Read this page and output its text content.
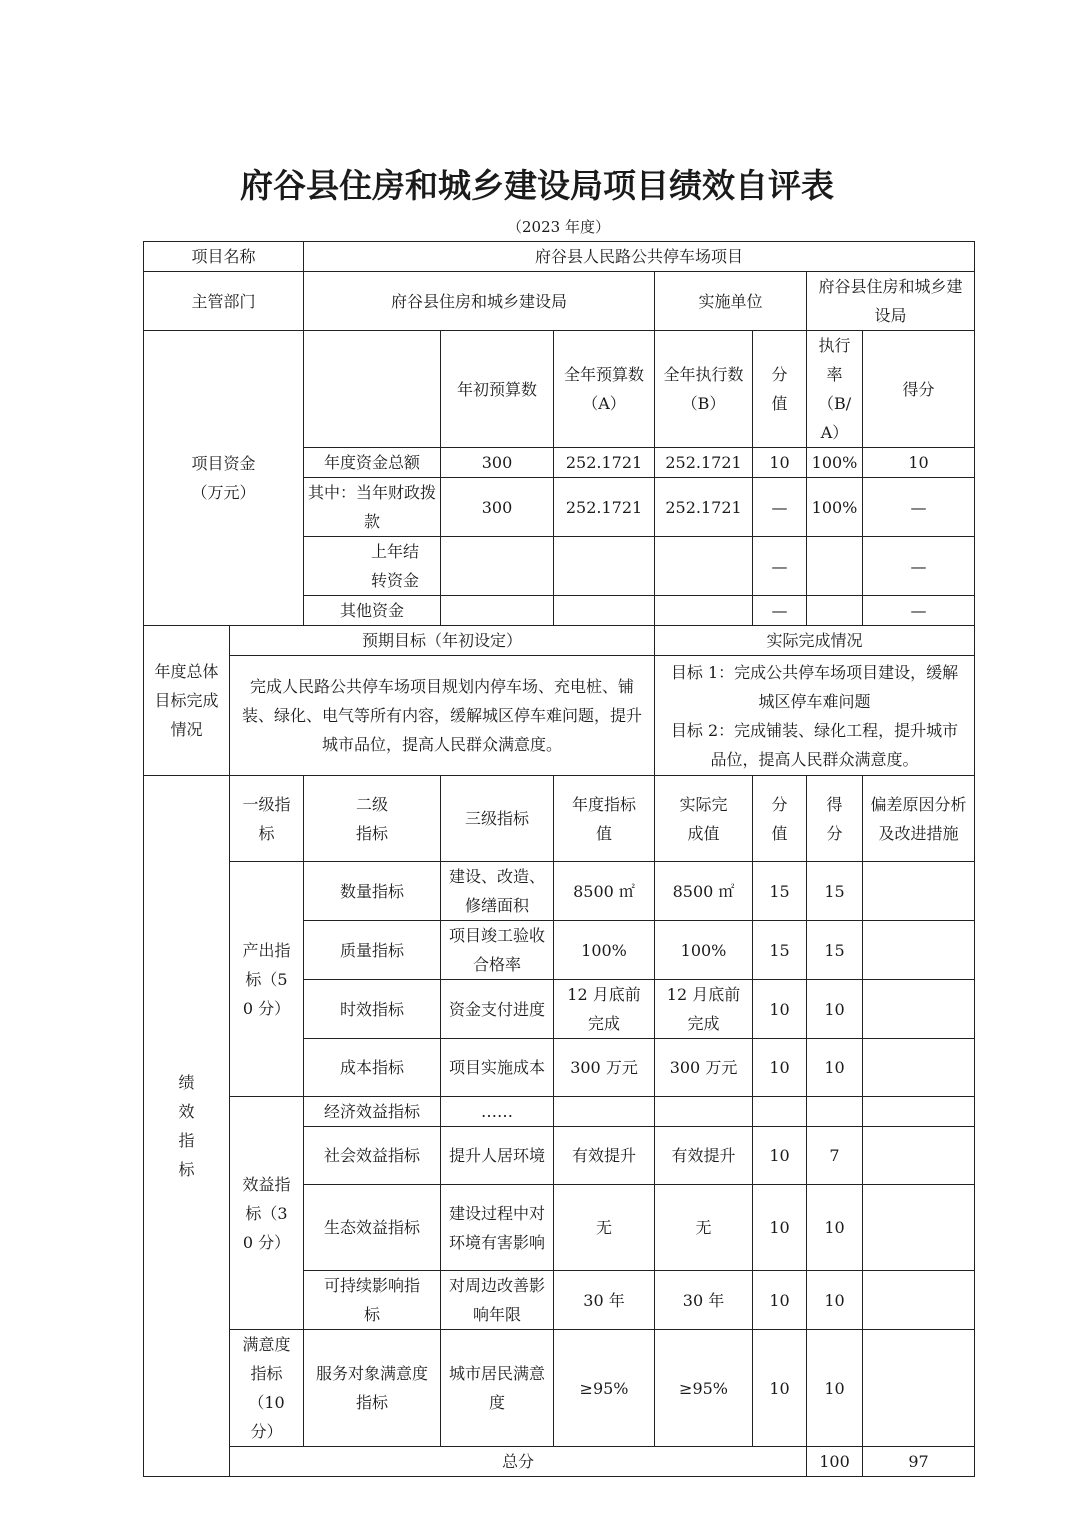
府谷县住房和城乡建设局项目绩效自评表
（2023 年度）
项目名称		府谷县人民路公共停车场项目							
主管部门		府谷县住房和城乡建设局			实施单位		府谷县住房和城乡建设局		
项目资金（万元）			年初预算数	全年预算数（A）	全年执行数（B）	分值	执行率（B/A）	得分	
		年度资金总额	300	252.1721	252.1721	10	100%	10	
		其中：当年财政拨款	300	252.1721	252.1721	—	100%	—	
		上年结转资金				—		—	
		其他资金				—		—	
年度总体目标完成情况	预期目标（年初设定）				实际完成情况				
	完成人民路公共停车场项目规划内停车场、充电桩、铺装、绿化、电气等所有内容，缓解城区停车难问题，提升城市品位，提高人民群众满意度。				目标 1：完成公共停车场项目建设，缓解城区停车难问题
目标 2：完成铺装、绿化工程，提升城市品位，提高人民群众满意度。				

绩效指标	一级指标	二级指标	三级指标	年度指标值	实际完成值	分值	得分	偏差原因分析及改进措施	
	产出指标（50 分）	数量指标	建设、改造、修缮面积	8500 ㎡	8500 ㎡	15	15		
		质量指标	项目竣工验收合格率	100%	100%	15	15		
		时效指标	资金支付进度	12 月底前完成	12 月底前完成	10	10		
		成本指标	项目实施成本	300 万元	300 万元	10	10		
	效益指标（30 分）	经济效益指标	……						
		社会效益指标	提升人居环境	有效提升	有效提升	10	7		
		生态效益指标	建设过程中对环境有害影响	无	无	10	10		
		可持续影响指标	对周边改善影响年限	30 年	30 年	10	10		
	满意度指标（10 分）	服务对象满意度指标	城市居民满意度	≥95%	≥95%	10	10		
	总分						100	97	
